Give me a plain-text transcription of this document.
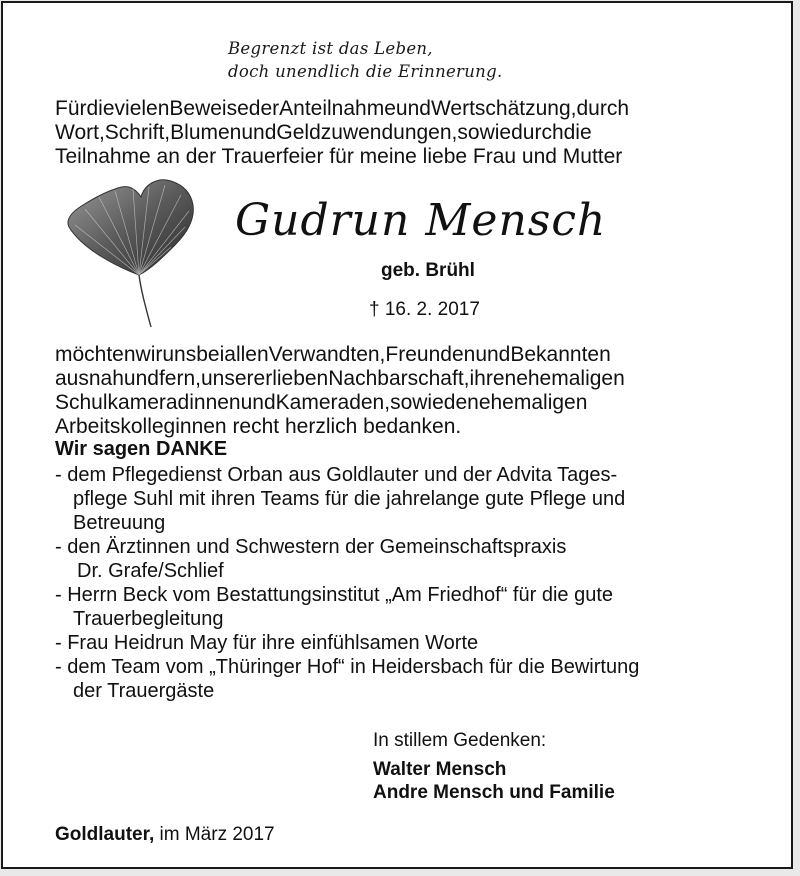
Begrenzt ist das Leben,
doch unendlich die Erinnerung.
FürdievielenBeweisederAnteilnahmeundWertschätzung,durch
Wort,Schrift,BlumenundGeldzuwendungen,sowiedurchdie
Teilnahme an der Trauerfeier für meine liebe Frau und Mutter
Gudrun Mensch
geb. Brühl
† 16. 2. 2017
möchtenwirunsbeiallenVerwandten,FreundenundBekannten
ausnahundfern,unsererliebenNachbarschaft,ihrenehemaligen
SchulkameradinnenundKameraden,sowiedenehemaligen
Arbeitskolleginnen recht herzlich bedanken.
Wir sagen DANKE
- dem Pflegedienst Orban aus Goldlauter und der Advita Tages-
pflege Suhl mit ihren Teams für die jahrelange gute Pflege und
Betreuung
- den Ärztinnen und Schwestern der Gemeinschaftspraxis
Dr. Grafe/Schlief
- Herrn Beck vom Bestattungsinstitut „Am Friedhof“ für die gute
Trauerbegleitung
- Frau Heidrun May für ihre einfühlsamen Worte
- dem Team vom „Thüringer Hof“ in Heidersbach für die Bewirtung
der Trauergäste
In stillem Gedenken:
Walter Mensch
Andre Mensch und Familie
Goldlauter, im März 2017
